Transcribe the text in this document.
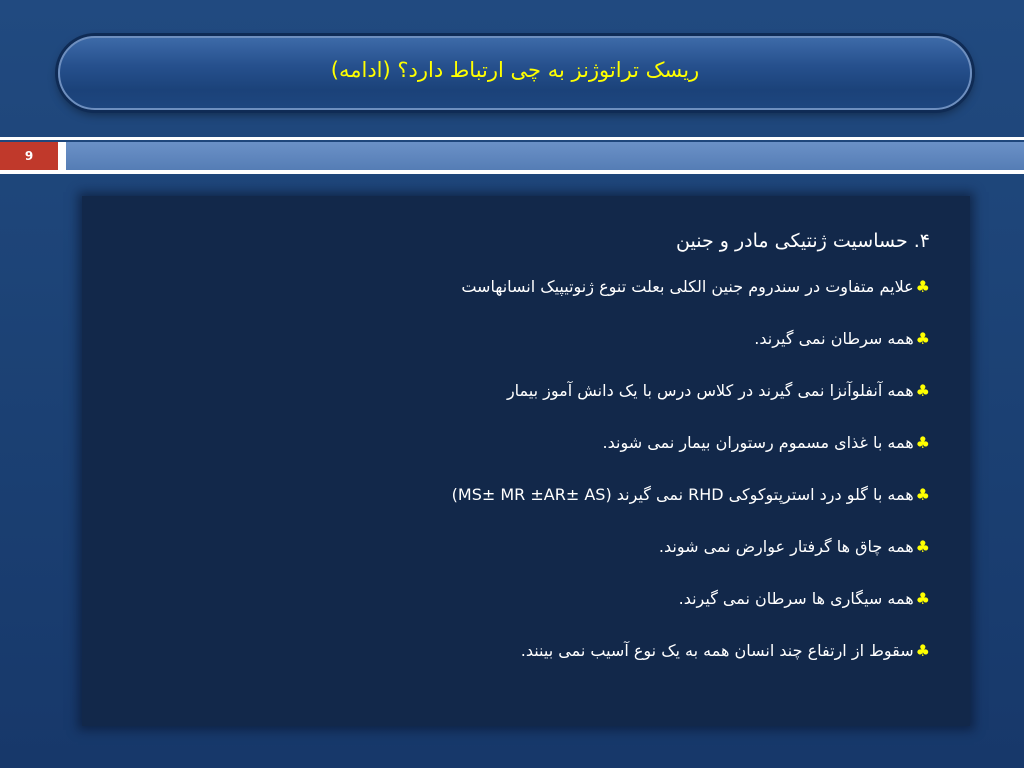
ریسک تراتوژنز به چی ارتباط دارد؟ (ادامه)
9
۴. حساسیت ژنتیکی مادر و جنین
♣علایم متفاوت در سندروم جنین الکلی بعلت تنوع ژنوتیپیک انسانهاست
♣همه سرطان نمی گیرند.
♣همه آنفلوآنزا نمی گیرند در کلاس درس با یک دانش آموز بیمار
♣همه با غذای مسموم رستوران بیمار نمی شوند.
♣همه با گلو درد استرپتوکوکی RHD نمی گیرند (MS± MR ±AR± AS)
♣همه چاق ها گرفتار عوارض نمی شوند.
♣همه سیگاری ها سرطان نمی گیرند.
♣سقوط از ارتفاع چند انسان همه به یک نوع آسیب نمی بینند.
